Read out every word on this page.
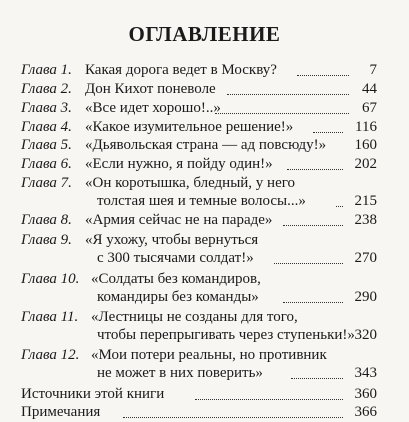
ОГЛАВЛЕНИЕ
Глава 1. Какая дорога ведет в Москву?	7
Глава 2. Дон Кихот поневоле	44
Глава 3. «Все идет хорошо!..»	67
Глава 4. «Какое изумительное решение!»	116
Глава 5. «Дьявольская страна — ад повсюду!» 160
Глава 6. «Если нужно, я пойду один!»	202
Глава 7. «Он коротышка, бледный, у него
толстая шея и темные волосы...»	215
Глава 8. «Армия сейчас не на параде»	238
Глава 9. «Я ухожу, чтобы вернуться
с 300 тысячами солдат!»	270
Глава 10. «Солдаты без командиров,
командиры без команды»	290
Глава 11. «Лестницы не созданы для того,
чтобы перепрыгивать через ступеньки!» 320
Глава 12. «Мои потери реальны, но противник
не может в них поверить»	343
Источники этой книги	360
Примечания	366
